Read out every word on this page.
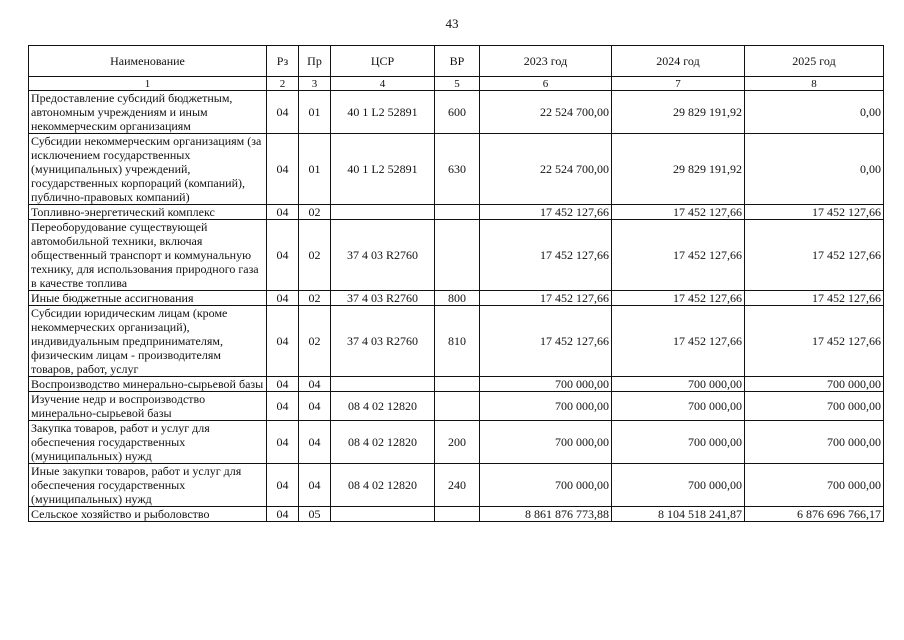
43
Наименование	Рз	Пр	ЦСР	ВР	2023 год	2024 год	2025 год
1	2	3	4	5	6	7	8
Предоставление субсидий бюджетным, автономным учреждениям и иным некоммерческим организациям	04	01	40 1 L2 52891	600	22 524 700,00	29 829 191,92	0,00
Субсидии некоммерческим организациям (за исключением государственных (муниципальных) учреждений, государственных корпораций (компаний), публично-правовых компаний)	04	01	40 1 L2 52891	630	22 524 700,00	29 829 191,92	0,00
Топливно-энергетический комплекс	04	02			17 452 127,66	17 452 127,66	17 452 127,66
Переоборудование существующей автомобильной техники, включая общественный транспорт и коммунальную технику, для использования природного газа в качестве топлива	04	02	37 4 03 R2760		17 452 127,66	17 452 127,66	17 452 127,66
Иные бюджетные ассигнования	04	02	37 4 03 R2760	800	17 452 127,66	17 452 127,66	17 452 127,66
Субсидии юридическим лицам (кроме некоммерческих организаций), индивидуальным предпринимателям, физическим лицам - производителям товаров, работ, услуг	04	02	37 4 03 R2760	810	17 452 127,66	17 452 127,66	17 452 127,66
Воспроизводство минерально-сырьевой базы	04	04			700 000,00	700 000,00	700 000,00
Изучение недр и воспроизводство минерально-сырьевой базы	04	04	08 4 02 12820		700 000,00	700 000,00	700 000,00
Закупка товаров, работ и услуг для обеспечения государственных (муниципальных) нужд	04	04	08 4 02 12820	200	700 000,00	700 000,00	700 000,00
Иные закупки товаров, работ и услуг для обеспечения государственных (муниципальных) нужд	04	04	08 4 02 12820	240	700 000,00	700 000,00	700 000,00
Сельское хозяйство и рыболовство	04	05			8 861 876 773,88	8 104 518 241,87	6 876 696 766,17
